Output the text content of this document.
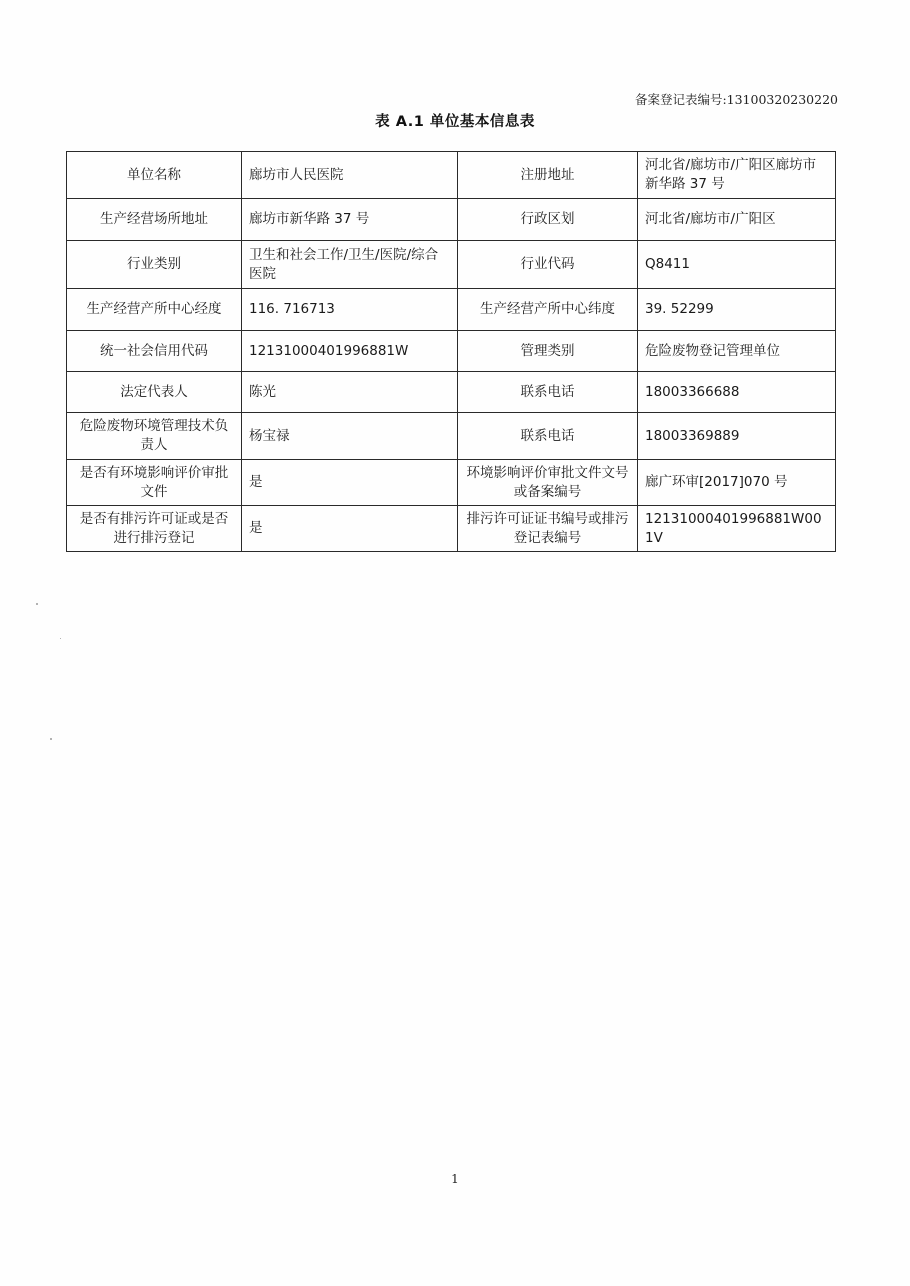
备案登记表编号:13100320230220
表 A.1 单位基本信息表
单位名称	廊坊市人民医院	注册地址	河北省/廊坊市/广阳区廊坊市新华路 37 号
生产经营场所地址	廊坊市新华路 37 号	行政区划	河北省/廊坊市/广阳区
行业类别	卫生和社会工作/卫生/医院/综合医院	行业代码	Q8411
生产经营产所中心经度	116. 716713	生产经营产所中心纬度	39. 52299
统一社会信用代码	12131000401996881W	管理类别	危险废物登记管理单位
法定代表人	陈光	联系电话	18003366688
危险废物环境管理技术负责人	杨宝禄	联系电话	18003369889
是否有环境影响评价审批文件	是	环境影响评价审批文件文号或备案编号	廊广环审[2017]070 号
是否有排污许可证或是否进行排污登记	是	排污许可证证书编号或排污登记表编号	12131000401996881W001V
1
